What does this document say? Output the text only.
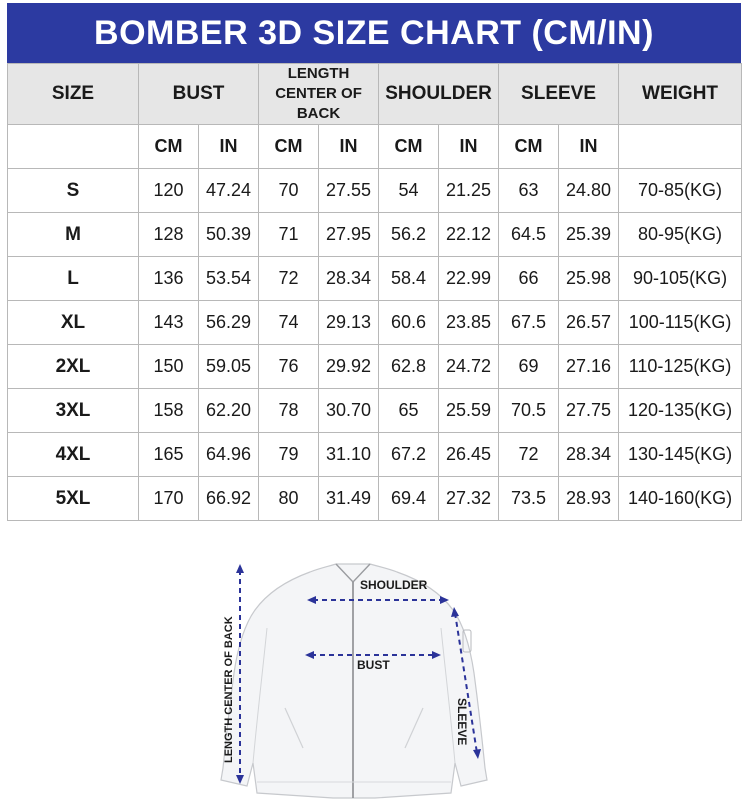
BOMBER 3D SIZE CHART (CM/IN)
SIZE	BUST		LENGTH
CENTER OF BACK		SHOULDER		SLEEVE		WEIGHT
	CM	IN	CM	IN	CM	IN	CM	IN	
S	120	47.24	70	27.55	54	21.25	63	24.80	70-85(KG)
M	128	50.39	71	27.95	56.2	22.12	64.5	25.39	80-95(KG)
L	136	53.54	72	28.34	58.4	22.99	66	25.98	90-105(KG)
XL	143	56.29	74	29.13	60.6	23.85	67.5	26.57	100-115(KG)
2XL	150	59.05	76	29.92	62.8	24.72	69	27.16	110-125(KG)
3XL	158	62.20	78	30.70	65	25.59	70.5	27.75	120-135(KG)
4XL	165	64.96	79	31.10	67.2	26.45	72	28.34	130-145(KG)
5XL	170	66.92	80	31.49	69.4	27.32	73.5	28.93	140-160(KG)
SHOULDER
BUST
SLEEVE
LENGTH CENTER OF BACK
